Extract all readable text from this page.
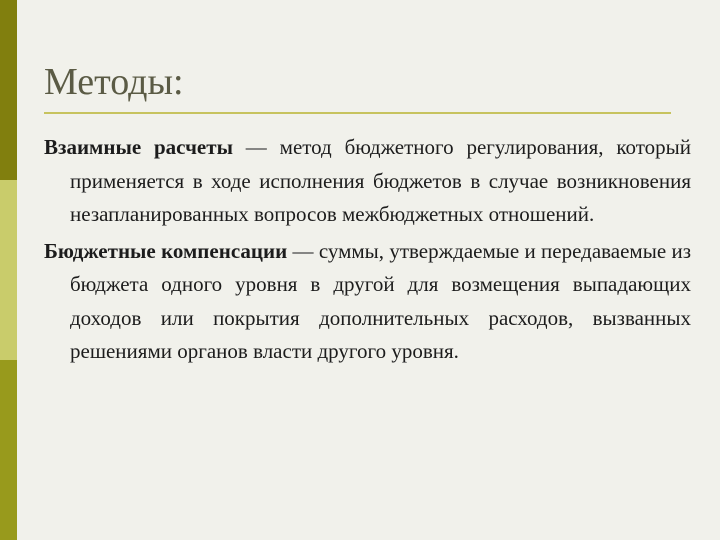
Методы:

Взаимные расчеты — метод бюджетного регулирования, который применяется в ходе исполнения бюджетов в случае возникновения незапланированных вопросов межбюджетных отношений.

Бюджетные компенсации — суммы, утверждаемые и передаваемые из бюджета одного уровня в другой для возмещения выпадающих доходов или покрытия дополнительных расходов, вызванных решениями органов власти другого уровня.
